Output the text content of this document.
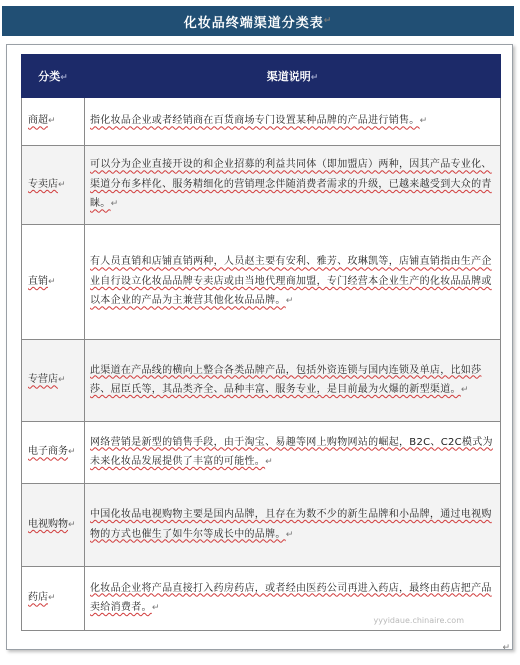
化妆品终端渠道分类表 ↵
分类↵	渠道说明↵
商超↵	指化妆品企业或者经销商在百货商场专门设置某种品牌的产品进行销售。↵
专卖店↵	可以分为企业直接开设的和企业招募的利益共同体（即加盟店）两种，因其产品专业化、渠道分布多样化、服务精细化的营销理念伴随消费者需求的升级，已越来越受到大众的青睐。↵
直销↵	有人员直销和店铺直销两种，人员赵主要有安利、雅芳、玫琳凯等，店铺直销指由生产企业自行设立化妆品品牌专卖店或由当地代理商加盟，专门经营本企业生产的化妆品品牌或以本企业的产品为主兼营其他化妆品品牌。↵
专营店↵	此渠道在产品线的横向上整合各类品牌产品，包括外资连锁与国内连锁及单店，比如莎莎、屈臣氏等，其品类齐全、品种丰富、服务专业，是目前最为火爆的新型渠道。↵
电子商务↵	网络营销是新型的销售手段，由于淘宝、易趣等网上购物网站的崛起，B2C、C2C模式为未来化妆品发展提供了丰富的可能性。↵
电视购物↵	中国化妆品电视购物主要是国内品牌，且存在为数不少的新生品牌和小品牌，通过电视购物的方式也催生了如牛尔等成长中的品牌。↵
药店↵	化妆品企业将产品直接打入药房药店，或者经由医药公司再进入药店，最终由药店把产品卖给消费者。↵
yyyidaue.chinaire.com
↵
